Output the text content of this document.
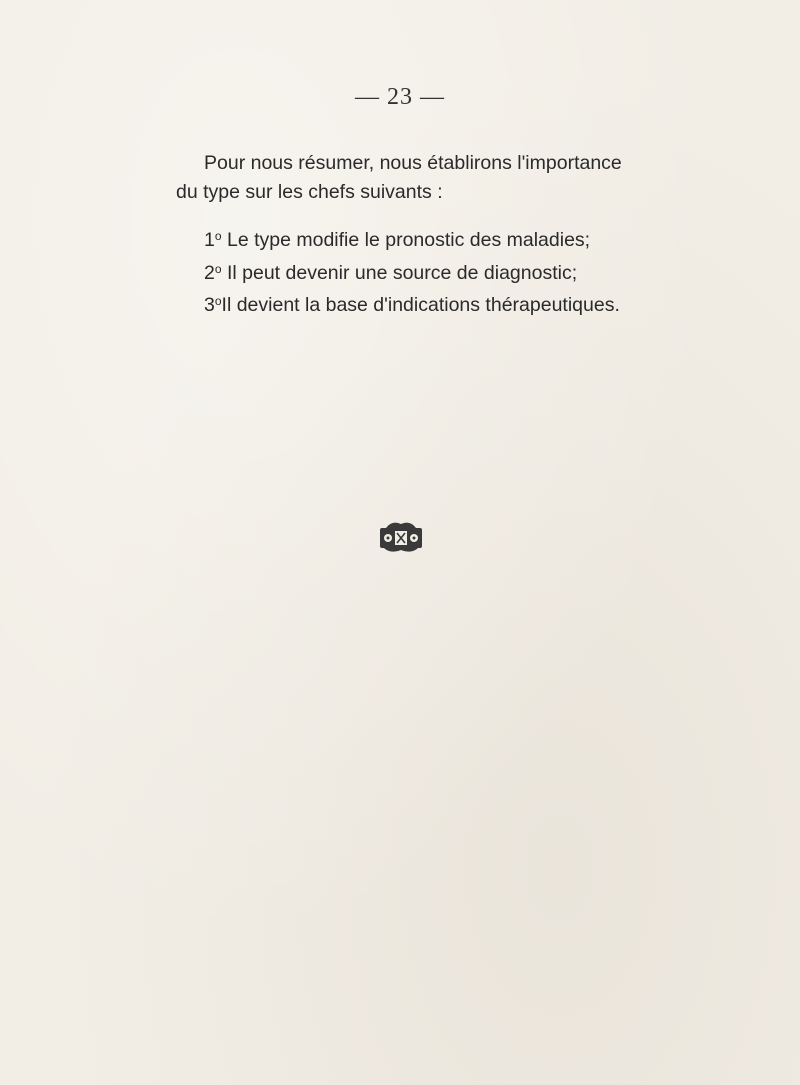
— 23 —
Pour nous résumer, nous établirons l'importance
du type sur les chefs suivants :
1$^o$ Le type modifie le pronostic des maladies;
2$^o$ Il peut devenir une source de diagnostic;
3$^o$Il devient la base d'indications thérapeutiques.
